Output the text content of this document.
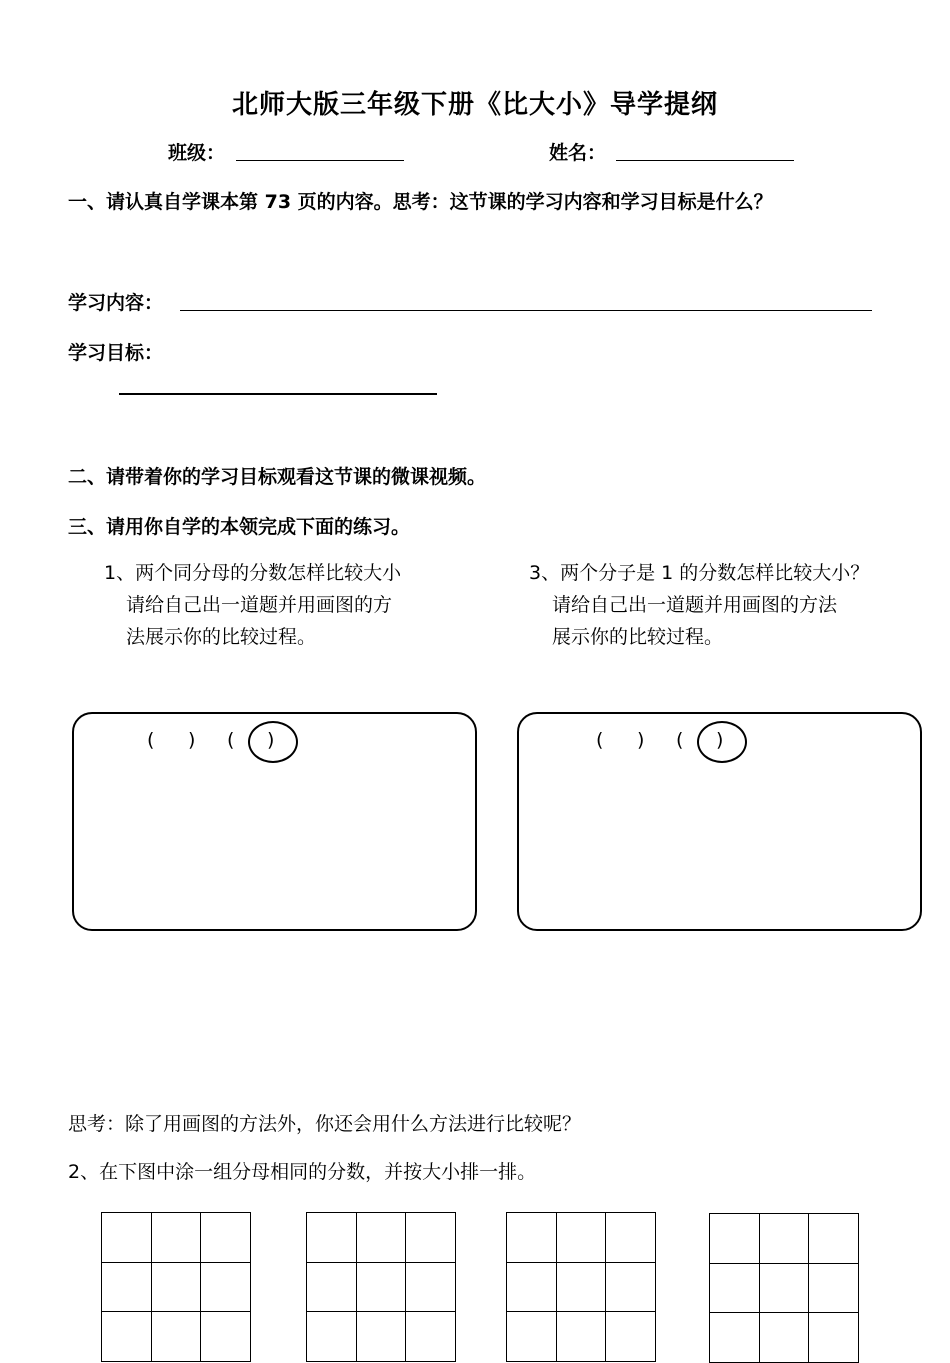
北师大版三年级下册《比大小》导学提纲
班级：	姓名：
一、请认真自学课本第 73 页的内容。思考：这节课的学习内容和学习目标是什么？
学习内容：
学习目标：
二、请带着你的学习目标观看这节课的微课视频。
三、请用你自学的本领完成下面的练习。
1、两个同分母的分数怎样比较大小
请给自己出一道题并用画图的方
法展示你的比较过程。
3、两个分子是 1 的分数怎样比较大小？
请给自己出一道题并用画图的方法
展示你的比较过程。
( ) ( )	( ) ( )
思考：除了用画图的方法外，你还会用什么方法进行比较呢？
2、在下图中涂一组分母相同的分数，并按大小排一排。
